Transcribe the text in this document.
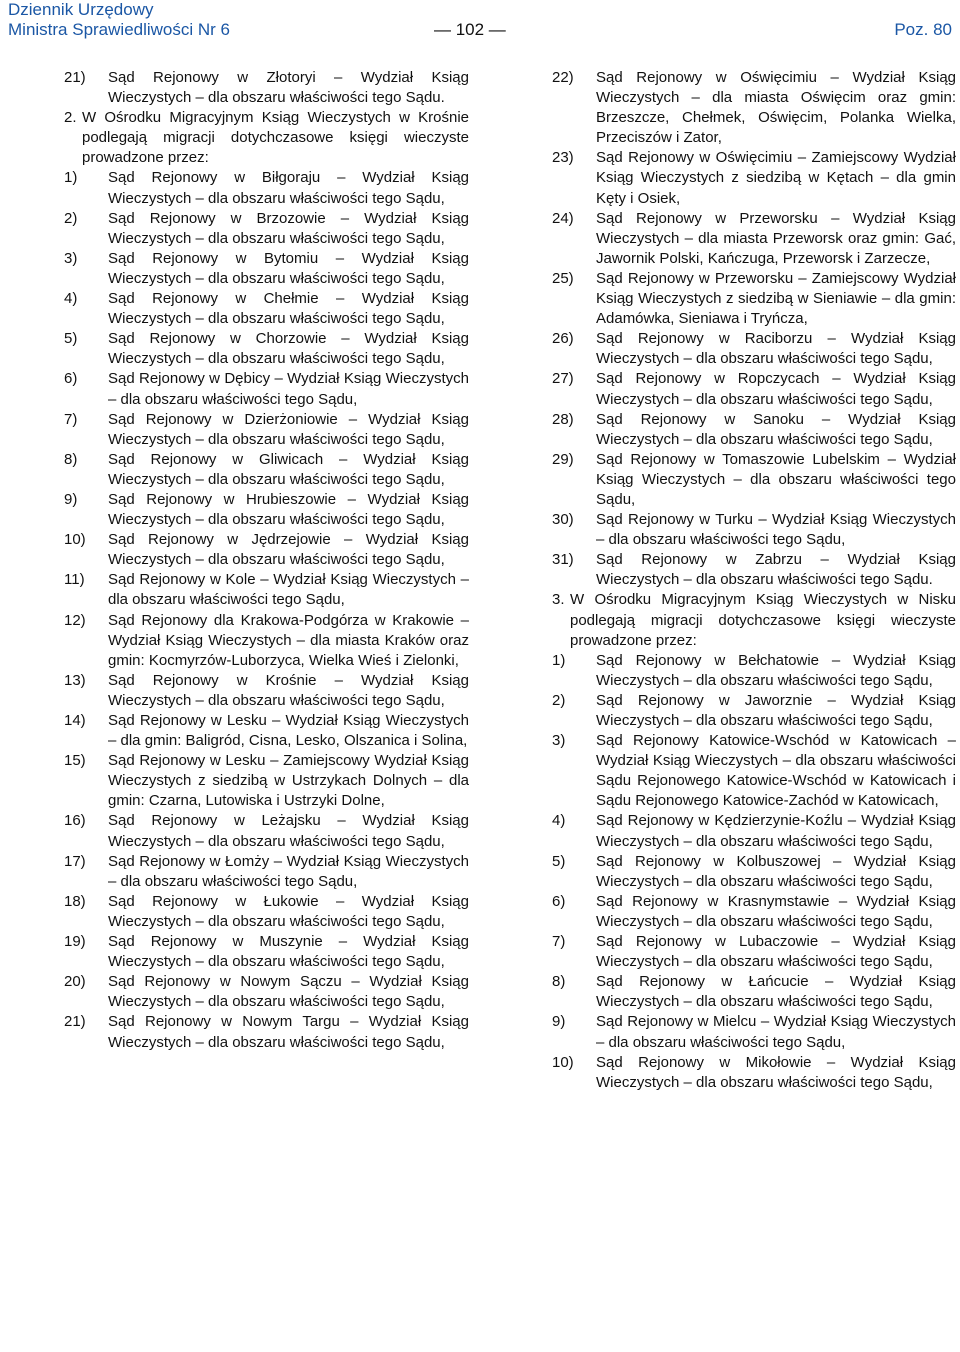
Dziennik Urzędowy
Ministra Sprawiedliwości Nr 6	— 102 —	Poz. 80
21)	Sąd Rejonowy w Złotoryi – Wydział Ksiąg Wieczystych – dla obszaru właściwości tego Sądu.
2. W Ośrodku Migracyjnym Ksiąg Wieczystych w Krośnie podlegają migracji dotychczasowe księgi wieczyste prowadzone przez:
1)	Sąd Rejonowy w Biłgoraju – Wydział Ksiąg Wieczystych – dla obszaru właściwości tego Sądu,
2)	Sąd Rejonowy w Brzozowie – Wydział Ksiąg Wieczystych – dla obszaru właściwości tego Sądu,
3)	Sąd Rejonowy w Bytomiu – Wydział Ksiąg Wieczystych – dla obszaru właściwości tego Sądu,
4)	Sąd Rejonowy w Chełmie – Wydział Ksiąg Wieczystych – dla obszaru właściwości tego Sądu,
5)	Sąd Rejonowy w Chorzowie – Wydział Ksiąg Wieczystych – dla obszaru właściwości tego Sądu,
6)	Sąd Rejonowy w Dębicy – Wydział Ksiąg Wieczystych – dla obszaru właściwości tego Sądu,
7)	Sąd Rejonowy w Dzierżoniowie – Wydział Ksiąg Wieczystych – dla obszaru właściwości tego Sądu,
8)	Sąd Rejonowy w Gliwicach – Wydział Ksiąg Wieczystych – dla obszaru właściwości tego Sądu,
9)	Sąd Rejonowy w Hrubieszowie – Wydział Ksiąg Wieczystych – dla obszaru właściwości tego Sądu,
10)	Sąd Rejonowy w Jędrzejowie – Wydział Ksiąg Wieczystych – dla obszaru właściwości tego Sądu,
11)	Sąd Rejonowy w Kole – Wydział Ksiąg Wieczystych – dla obszaru właściwości tego Sądu,
12)	Sąd Rejonowy dla Krakowa-Podgórza w Krakowie – Wydział Ksiąg Wieczystych – dla miasta Kraków oraz gmin: Kocmyrzów-Luborzyca, Wielka Wieś i Zielonki,
13)	Sąd Rejonowy w Krośnie – Wydział Ksiąg Wieczystych – dla obszaru właściwości tego Sądu,
14)	Sąd Rejonowy w Lesku – Wydział Ksiąg Wieczystych – dla gmin: Baligród, Cisna, Lesko, Olszanica i Solina,
15)	Sąd Rejonowy w Lesku – Zamiejscowy Wydział Ksiąg Wieczystych z siedzibą w Ustrzykach Dolnych – dla gmin: Czarna, Lutowiska i Ustrzyki Dolne,
16)	Sąd Rejonowy w Leżajsku – Wydział Ksiąg Wieczystych – dla obszaru właściwości tego Sądu,
17)	Sąd Rejonowy w Łomży – Wydział Ksiąg Wieczystych – dla obszaru właściwości tego Sądu,
18)	Sąd Rejonowy w Łukowie – Wydział Ksiąg Wieczystych – dla obszaru właściwości tego Sądu,
19)	Sąd Rejonowy w Muszynie – Wydział Ksiąg Wieczystych – dla obszaru właściwości tego Sądu,
20)	Sąd Rejonowy w Nowym Sączu – Wydział Ksiąg Wieczystych – dla obszaru właściwości tego Sądu,
21)	Sąd Rejonowy w Nowym Targu – Wydział Ksiąg Wieczystych – dla obszaru właściwości tego Sądu,
22)	Sąd Rejonowy w Oświęcimiu – Wydział Ksiąg Wieczystych – dla miasta Oświęcim oraz gmin: Brzeszcze, Chełmek, Oświęcim, Polanka Wielka, Przeciszów i Zator,
23)	Sąd Rejonowy w Oświęcimiu – Zamiejscowy Wydział Ksiąg Wieczystych z siedzibą w Kętach – dla gmin Kęty i Osiek,
24)	Sąd Rejonowy w Przeworsku – Wydział Ksiąg Wieczystych – dla miasta Przeworsk oraz gmin: Gać, Jawornik Polski, Kańczuga, Przeworsk i Zarzecze,
25)	Sąd Rejonowy w Przeworsku – Zamiejscowy Wydział Ksiąg Wieczystych z siedzibą w Sieniawie – dla gmin: Adamówka, Sieniawa i Tryńcza,
26)	Sąd Rejonowy w Raciborzu – Wydział Ksiąg Wieczystych – dla obszaru właściwości tego Sądu,
27)	Sąd Rejonowy w Ropczycach – Wydział Ksiąg Wieczystych – dla obszaru właściwości tego Sądu,
28)	Sąd Rejonowy w Sanoku – Wydział Ksiąg Wieczystych – dla obszaru właściwości tego Sądu,
29)	Sąd Rejonowy w Tomaszowie Lubelskim – Wydział Ksiąg Wieczystych – dla obszaru właściwości tego Sądu,
30)	Sąd Rejonowy w Turku – Wydział Ksiąg Wieczystych – dla obszaru właściwości tego Sądu,
31)	Sąd Rejonowy w Zabrzu – Wydział Ksiąg Wieczystych – dla obszaru właściwości tego Sądu.
3. W Ośrodku Migracyjnym Ksiąg Wieczystych w Nisku podlegają migracji dotychczasowe księgi wieczyste prowadzone przez:
1)	Sąd Rejonowy w Bełchatowie – Wydział Ksiąg Wieczystych – dla obszaru właściwości tego Sądu,
2)	Sąd Rejonowy w Jaworznie – Wydział Ksiąg Wieczystych – dla obszaru właściwości tego Sądu,
3)	Sąd Rejonowy Katowice-Wschód w Katowicach – Wydział Ksiąg Wieczystych – dla obszaru właściwości Sądu Rejonowego Katowice-Wschód w Katowicach i Sądu Rejonowego Katowice-Zachód w Katowicach,
4)	Sąd Rejonowy w Kędzierzynie-Koźlu – Wydział Ksiąg Wieczystych – dla obszaru właściwości tego Sądu,
5)	Sąd Rejonowy w Kolbuszowej – Wydział Ksiąg Wieczystych – dla obszaru właściwości tego Sądu,
6)	Sąd Rejonowy w Krasnymstawie – Wydział Ksiąg Wieczystych – dla obszaru właściwości tego Sądu,
7)	Sąd Rejonowy w Lubaczowie – Wydział Ksiąg Wieczystych – dla obszaru właściwości tego Sądu,
8)	Sąd Rejonowy w Łańcucie – Wydział Ksiąg Wieczystych – dla obszaru właściwości tego Sądu,
9)	Sąd Rejonowy w Mielcu – Wydział Ksiąg Wieczystych – dla obszaru właściwości tego Sądu,
10)	Sąd Rejonowy w Mikołowie – Wydział Ksiąg Wieczystych – dla obszaru właściwości tego Sądu,
